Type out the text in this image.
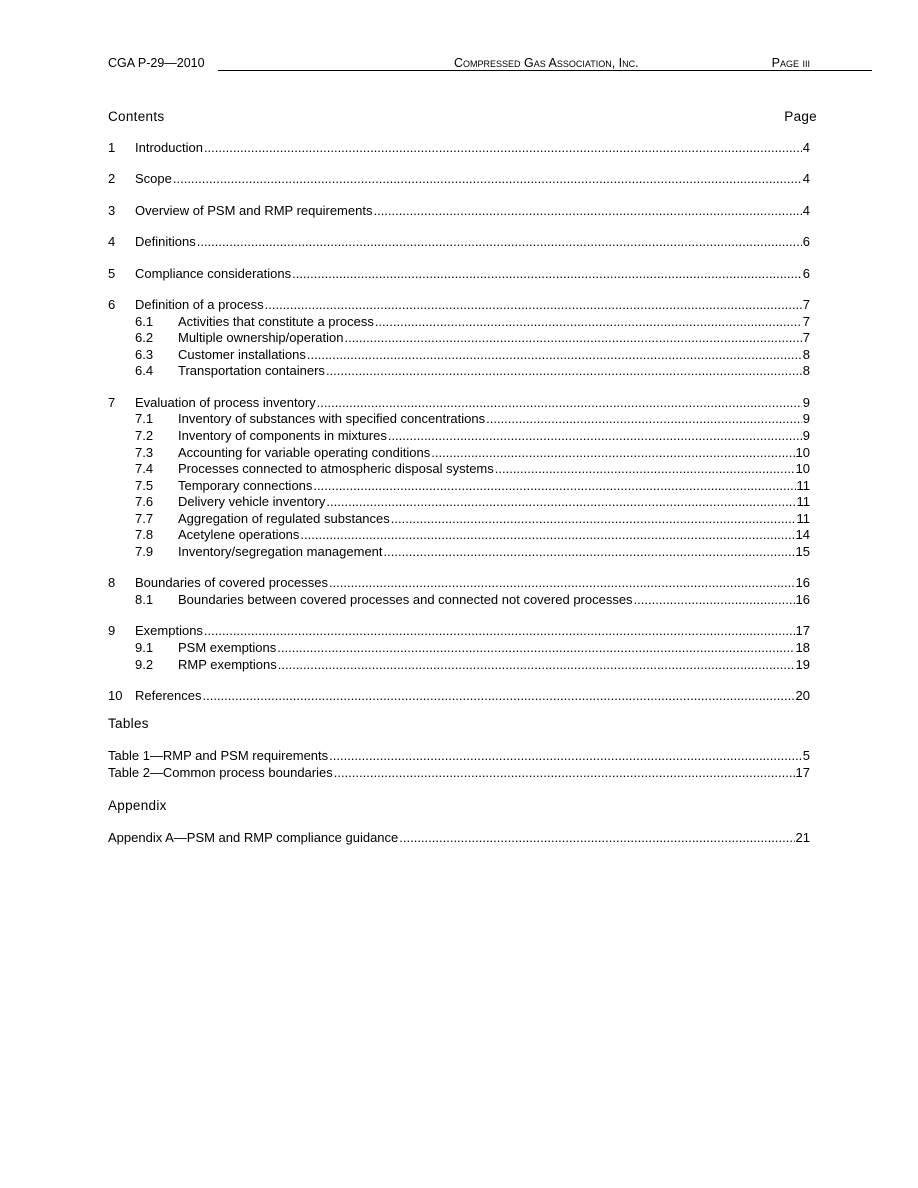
CGA P-29—2010	Compressed Gas Association, Inc.	Page iii
Contents	Page
1	Introduction .....	4
2	Scope .....	4
3	Overview of PSM and RMP requirements .....	4
4	Definitions .....	6
5	Compliance considerations .....	6
6	Definition of a process .....	7
6.1	Activities that constitute a process .....	7
6.2	Multiple ownership/operation .....	7
6.3	Customer installations .....	8
6.4	Transportation containers .....	8
7	Evaluation of process inventory .....	9
7.1	Inventory of substances with specified concentrations .....	9
7.2	Inventory of components in mixtures .....	9
7.3	Accounting for variable operating conditions .....	10
7.4	Processes connected to atmospheric disposal systems .....	10
7.5	Temporary connections .....	11
7.6	Delivery vehicle inventory .....	11
7.7	Aggregation of regulated substances .....	11
7.8	Acetylene operations .....	14
7.9	Inventory/segregation management .....	15
8	Boundaries of covered processes .....	16
8.1	Boundaries between covered processes and connected not covered processes .....	16
9	Exemptions .....	17
9.1	PSM exemptions .....	18
9.2	RMP exemptions .....	19
10 References .....	20
Tables
Table 1—RMP and PSM requirements .....	5
Table 2—Common process boundaries .....	17
Appendix
Appendix A—PSM and RMP compliance guidance .....	21
